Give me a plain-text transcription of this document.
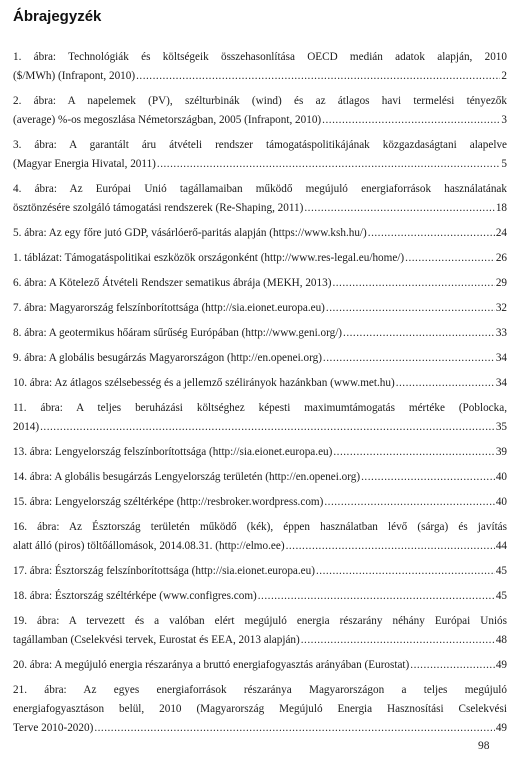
Ábrajegyzék
1. ábra: Technológiák és költségeik összehasonlítása OECD medián adatok alapján, 2010
($/MWh) (Infrapont, 2010) .....	2
2. ábra: A napelemek (PV), szélturbinák (wind) és az átlagos havi termelési tényezők
(average) %-os megoszlása Németországban, 2005 (Infrapont, 2010) .....	3
3. ábra: A garantált áru átvételi rendszer támogatáspolitikájának közgazdaságtani alapelve
(Magyar Energia Hivatal, 2011) .....	5
4. ábra: Az Európai Unió tagállamaiban működő megújuló energiaforrások használatának
ösztönzésére szolgáló támogatási rendszerek (Re-Shaping, 2011) .....	18
5. ábra: Az egy főre jutó GDP, vásárlóerő-paritás alapján (https://www.ksh.hu/) .....	24
1. táblázat: Támogatáspolitikai eszközök országonként (http://www.res-legal.eu/home/) .....	26
6. ábra: A Kötelező Átvételi Rendszer sematikus ábrája (MEKH, 2013) .....	29
7. ábra: Magyarország felszínborítottsága (http://sia.eionet.europa.eu) .....	32
8. ábra: A geotermikus hőáram sűrűség Európában (http://www.geni.org/) .....	33
9. ábra: A globális besugárzás Magyarországon (http://en.openei.org) .....	34
10. ábra: Az átlagos szélsebesség és a jellemző szélirányok hazánkban (www.met.hu) .....	34
11. ábra: A teljes beruházási költséghez képesti maximumtámogatás mértéke (Poblocka,
2014) .....	35
13. ábra: Lengyelország felszínborítottsága (http://sia.eionet.europa.eu) .....	39
14. ábra: A globális besugárzás Lengyelország területén (http://en.openei.org) .....	40
15. ábra: Lengyelország széltérképe (http://resbroker.wordpress.com) .....	40
16. ábra: Az Észtország területén működő (kék), éppen használatban lévő (sárga) és javítás
alatt álló (piros) töltőállomások, 2014.08.31. (http://elmo.ee) .....	44
17. ábra: Észtország felszínborítottsága (http://sia.eionet.europa.eu) .....	45
18. ábra: Észtország széltérképe (www.configres.com) .....	45
19. ábra: A tervezett és a valóban elért megújuló energia részarány néhány Európai Uniós
tagállamban (Cselekvési tervek, Eurostat és EEA, 2013 alapján) .....	48
20. ábra: A megújuló energia részaránya a bruttó energiafogyasztás arányában (Eurostat) .....	49
21. ábra: Az egyes energiaforrások részaránya Magyarországon a teljes megújuló
energiafogyasztáson belül, 2010 (Magyarország Megújuló Energia Hasznosítási Cselekvési
Terve 2010-2020) .....	49
98
